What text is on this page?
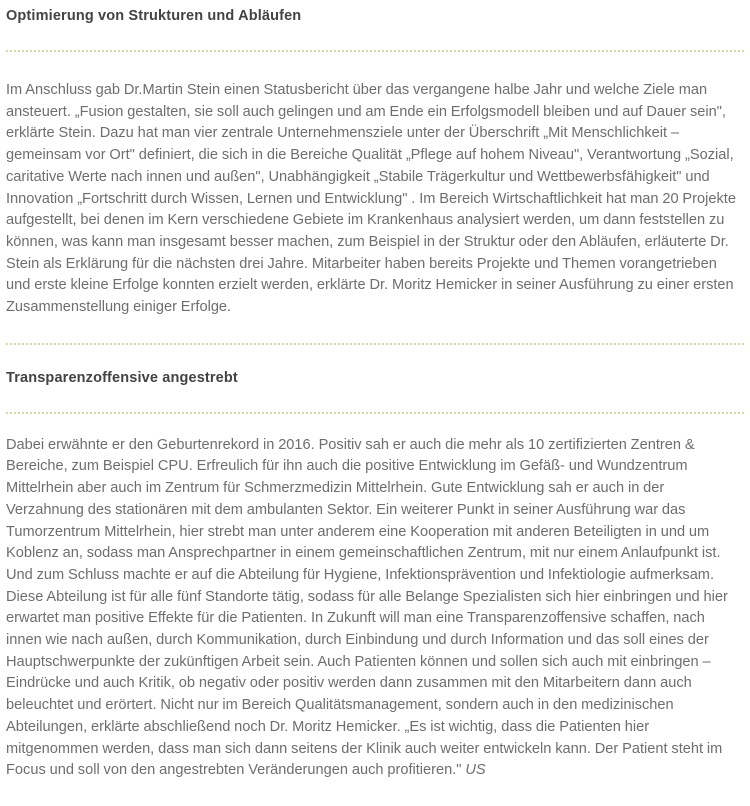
Optimierung von Strukturen und Abläufen

Im Anschluss gab Dr.Martin Stein einen Statusbericht über das vergangene halbe Jahr und welche Ziele man ansteuert. „Fusion gestalten, sie soll auch gelingen und am Ende ein Erfolgsmodell bleiben und auf Dauer sein", erklärte Stein. Dazu hat man vier zentrale Unternehmensziele unter der Überschrift „Mit Menschlichkeit – gemeinsam vor Ort" definiert, die sich in die Bereiche Qualität „Pflege auf hohem Niveau", Verantwortung „Sozial, caritative Werte nach innen und außen", Unabhängigkeit „Stabile Trägerkultur und Wettbewerbsfähigkeit" und Innovation „Fortschritt durch Wissen, Lernen und Entwicklung" . Im Bereich Wirtschaftlichkeit hat man 20 Projekte aufgestellt, bei denen im Kern verschiedene Gebiete im Krankenhaus analysiert werden, um dann feststellen zu können, was kann man insgesamt besser machen, zum Beispiel in der Struktur oder den Abläufen, erläuterte Dr. Stein als Erklärung für die nächsten drei Jahre. Mitarbeiter haben bereits Projekte und Themen vorangetrieben und erste kleine Erfolge konnten erzielt werden, erklärte Dr. Moritz Hemicker in seiner Ausführung zu einer ersten Zusammenstellung einiger Erfolge.

Transparenzoffensive angestrebt

Dabei erwähnte er den Geburtenrekord in 2016. Positiv sah er auch die mehr als 10 zertifizierten Zentren & Bereiche, zum Beispiel CPU. Erfreulich für ihn auch die positive Entwicklung im Gefäß- und Wundzentrum Mittelrhein aber auch im Zentrum für Schmerzmedizin Mittelrhein. Gute Entwicklung sah er auch in der Verzahnung des stationären mit dem ambulanten Sektor. Ein weiterer Punkt in seiner Ausführung war das Tumorzentrum Mittelrhein, hier strebt man unter anderem eine Kooperation mit anderen Beteiligten in und um Koblenz an, sodass man Ansprechpartner in einem gemeinschaftlichen Zentrum, mit nur einem Anlaufpunkt ist. Und zum Schluss machte er auf die Abteilung für Hygiene, Infektionsprävention und Infektiologie aufmerksam. Diese Abteilung ist für alle fünf Standorte tätig, sodass für alle Belange Spezialisten sich hier einbringen und hier erwartet man positive Effekte für die Patienten. In Zukunft will man eine Transparenzoffensive schaffen, nach innen wie nach außen, durch Kommunikation, durch Einbindung und durch Information und das soll eines der Hauptschwerpunkte der zukünftigen Arbeit sein. Auch Patienten können und sollen sich auch mit einbringen – Eindrücke und auch Kritik, ob negativ oder positiv werden dann zusammen mit den Mitarbeitern dann auch beleuchtet und erörtert. Nicht nur im Bereich Qualitätsmanagement, sondern auch in den medizinischen Abteilungen, erklärte abschließend noch Dr. Moritz Hemicker. „Es ist wichtig, dass die Patienten hier mitgenommen werden, dass man sich dann seitens der Klinik auch weiter entwickeln kann. Der Patient steht im Focus und soll von den angestrebten Veränderungen auch profitieren." US
